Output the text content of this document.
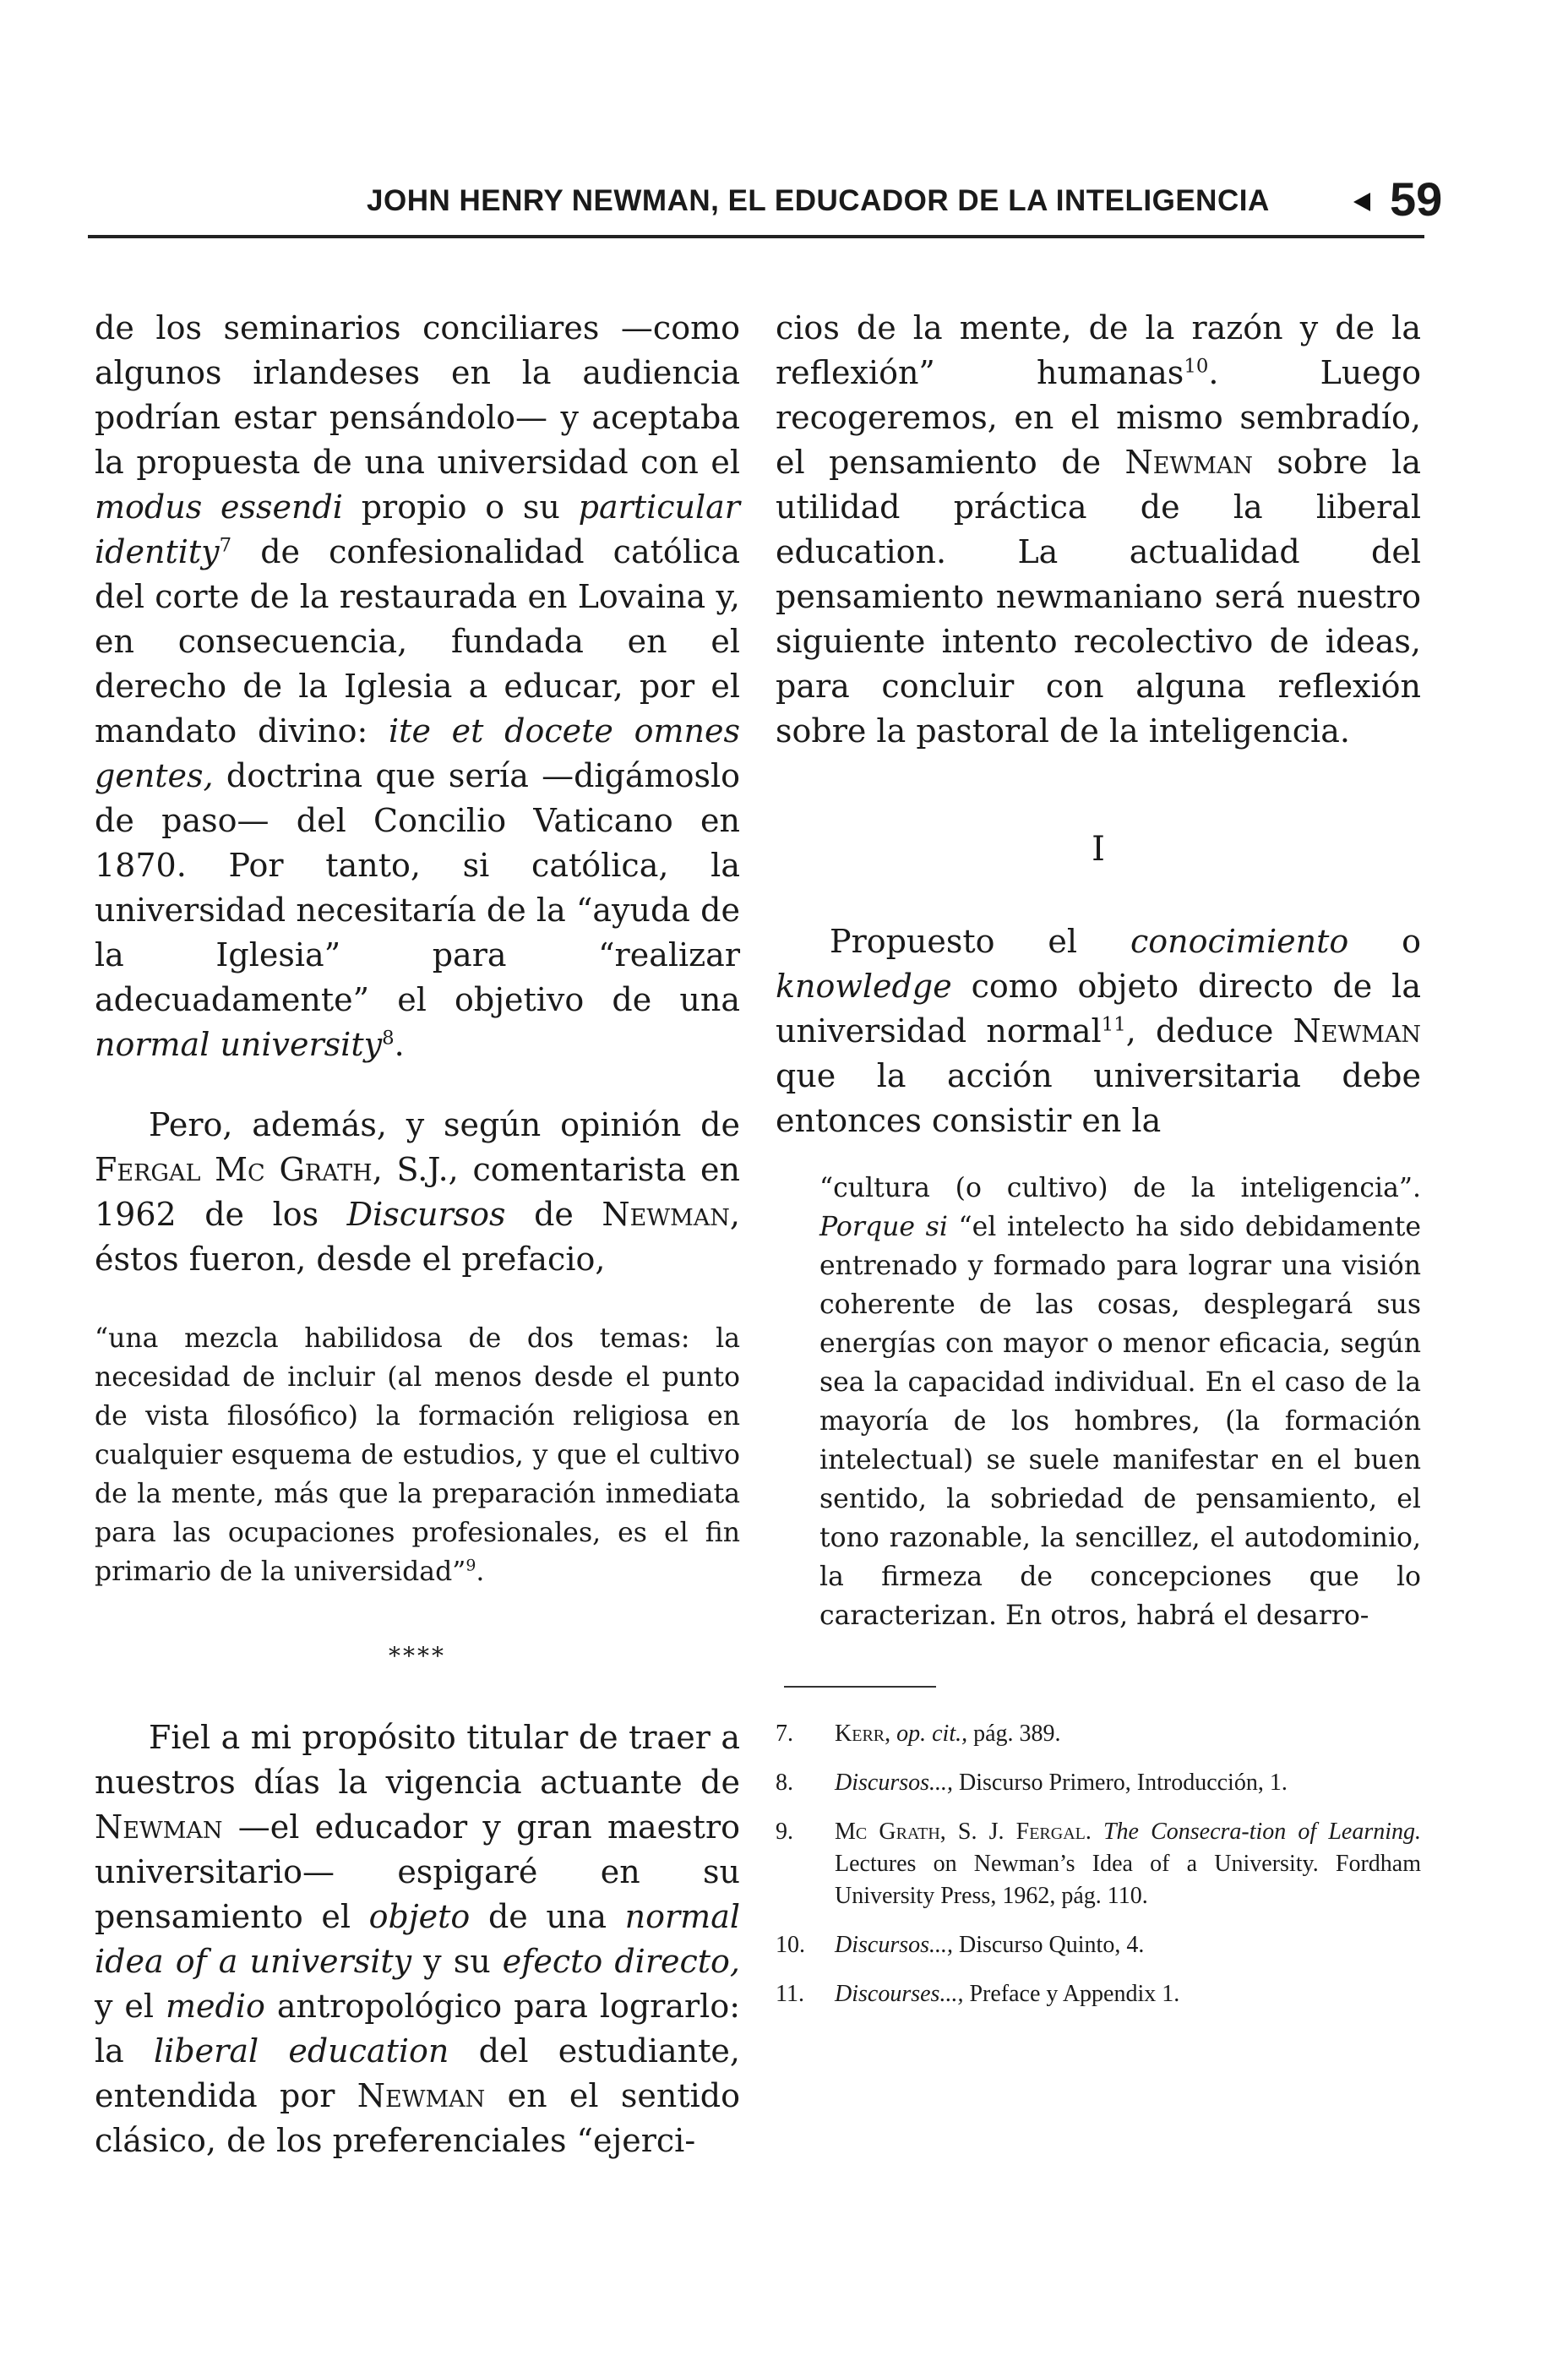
JOHN HENRY NEWMAN, EL EDUCADOR DE LA INTELIGENCIA	59

de los seminarios conciliares —como algunos irlandeses en la audiencia podrían estar pensándolo— y aceptaba la propuesta de una universidad con el modus essendi propio o su particular identity$^7$ de confesionalidad católica del corte de la restaurada en Lovaina y, en consecuencia, fundada en el derecho de la Iglesia a educar, por el mandato divino: ite et docete omnes gentes, doctrina que sería —digámoslo de paso— del Concilio Vaticano en 1870. Por tanto, si católica, la universidad necesitaría de la “ayuda de la Iglesia” para “realizar adecuadamente” el objetivo de una normal university$^8$.

Pero, además, y según opinión de Fergal Mc Grath, S.J., comentarista en 1962 de los Discursos de Newman, éstos fueron, desde el prefacio,

“una mezcla habilidosa de dos temas: la necesidad de incluir (al menos desde el punto de vista filosófico) la formación religiosa en cualquier esquema de estudios, y que el cultivo de la mente, más que la preparación inmediata para las ocupaciones profesionales, es el fin primario de la universidad”$^9$.

****

Fiel a mi propósito titular de traer a nuestros días la vigencia actuante de Newman —el educador y gran maestro universitario— espigaré en su pensamiento el objeto de una normal idea of a university y su efecto directo, y el medio antropológico para lograrlo: la liberal education del estudiante, entendida por Newman en el sentido clásico, de los preferenciales “ejerci-

cios de la mente, de la razón y de la reflexión” humanas$^{10}$. Luego recogeremos, en el mismo sembradío, el pensamiento de Newman sobre la utilidad práctica de la liberal education. La actualidad del pensamiento newmaniano será nuestro siguiente intento recolectivo de ideas, para concluir con alguna reflexión sobre la pastoral de la inteligencia.

I

Propuesto el conocimiento o knowledge como objeto directo de la universidad normal$^{11}$, deduce Newman que la acción universitaria debe entonces consistir en la

“cultura (o cultivo) de la inteligencia”. Porque si “el intelecto ha sido debidamente entrenado y formado para lograr una visión coherente de las cosas, desplegará sus energías con mayor o menor eficacia, según sea la capacidad individual. En el caso de la mayoría de los hombres, (la formación intelectual) se suele manifestar en el buen sentido, la sobriedad de pensamiento, el tono razonable, la sencillez, el autodominio, la firmeza de concepciones que lo caracterizan. En otros, habrá el desarro-

7.	Kerr, op. cit., pág. 389.
8.	Discursos..., Discurso Primero, Introducción, 1.
9.	Mc Grath, S. J. Fergal. The Consecra-tion of Learning. Lectures on Newman’s Idea of a University. Fordham University Press, 1962, pág. 110.
10.	Discursos..., Discurso Quinto, 4.
11.	Discourses..., Preface y Appendix 1.
